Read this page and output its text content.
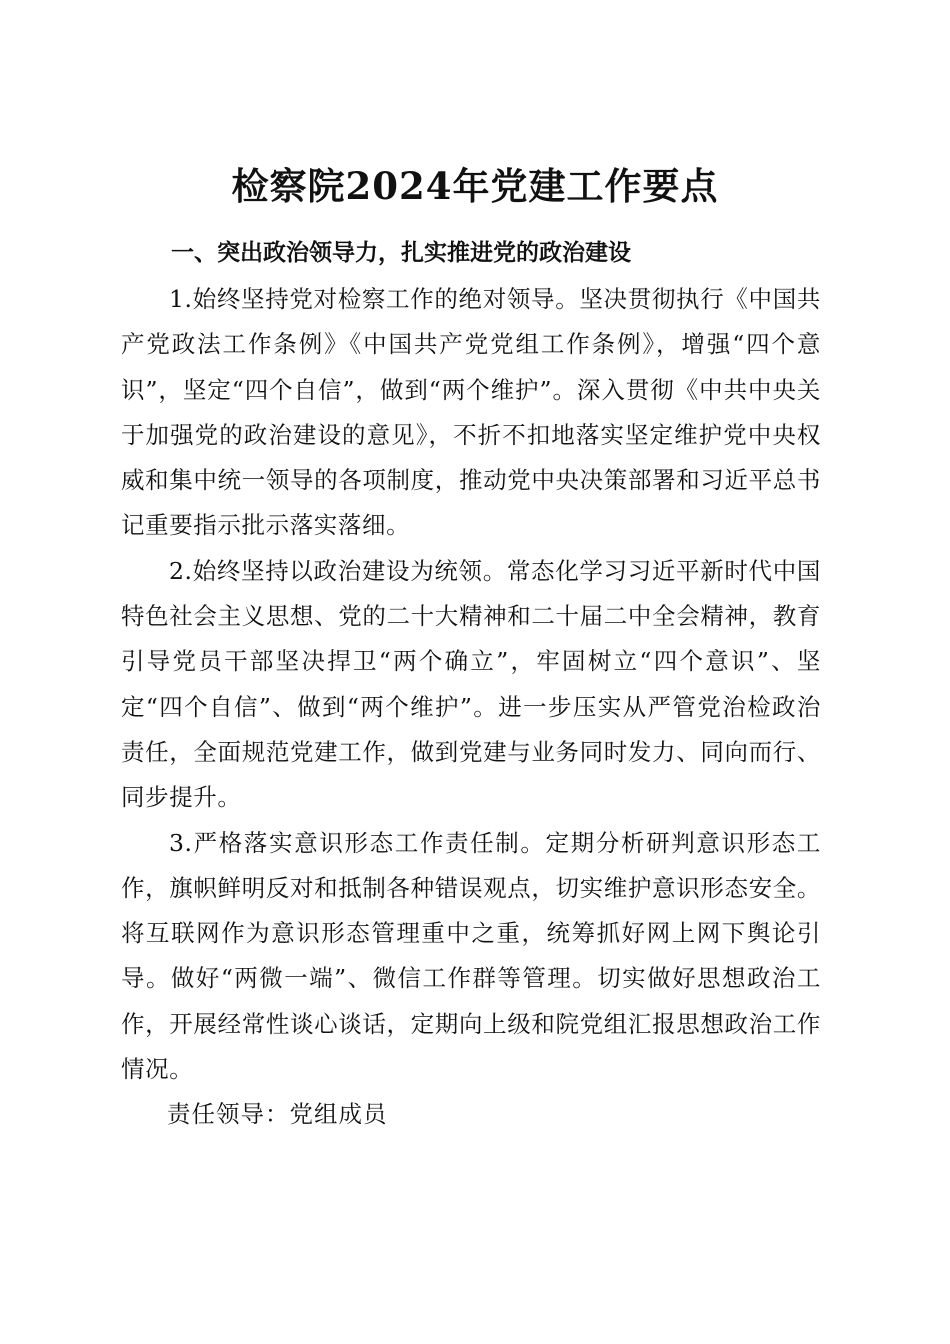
检察院2024年党建工作要点

一、突出政治领导力，扎实推进党的政治建设

1.始终坚持党对检察工作的绝对领导。坚决贯彻执行《中国共产党政法工作条例》《中国共产党党组工作条例》，增强“四个意识”，坚定“四个自信”，做到“两个维护”。深入贯彻《中共中央关于加强党的政治建设的意见》，不折不扣地落实坚定维护党中央权威和集中统一领导的各项制度，推动党中央决策部署和习近平总书记重要指示批示落实落细。

2.始终坚持以政治建设为统领。常态化学习习近平新时代中国特色社会主义思想、党的二十大精神和二十届二中全会精神，教育引导党员干部坚决捍卫“两个确立”，牢固树立“四个意识”、坚定“四个自信”、做到“两个维护”。进一步压实从严管党治检政治责任，全面规范党建工作，做到党建与业务同时发力、同向而行、同步提升。

3.严格落实意识形态工作责任制。定期分析研判意识形态工作，旗帜鲜明反对和抵制各种错误观点，切实维护意识形态安全。将互联网作为意识形态管理重中之重，统筹抓好网上网下舆论引导。做好“两微一端”、微信工作群等管理。切实做好思想政治工作，开展经常性谈心谈话，定期向上级和院党组汇报思想政治工作情况。

责任领导：党组成员
